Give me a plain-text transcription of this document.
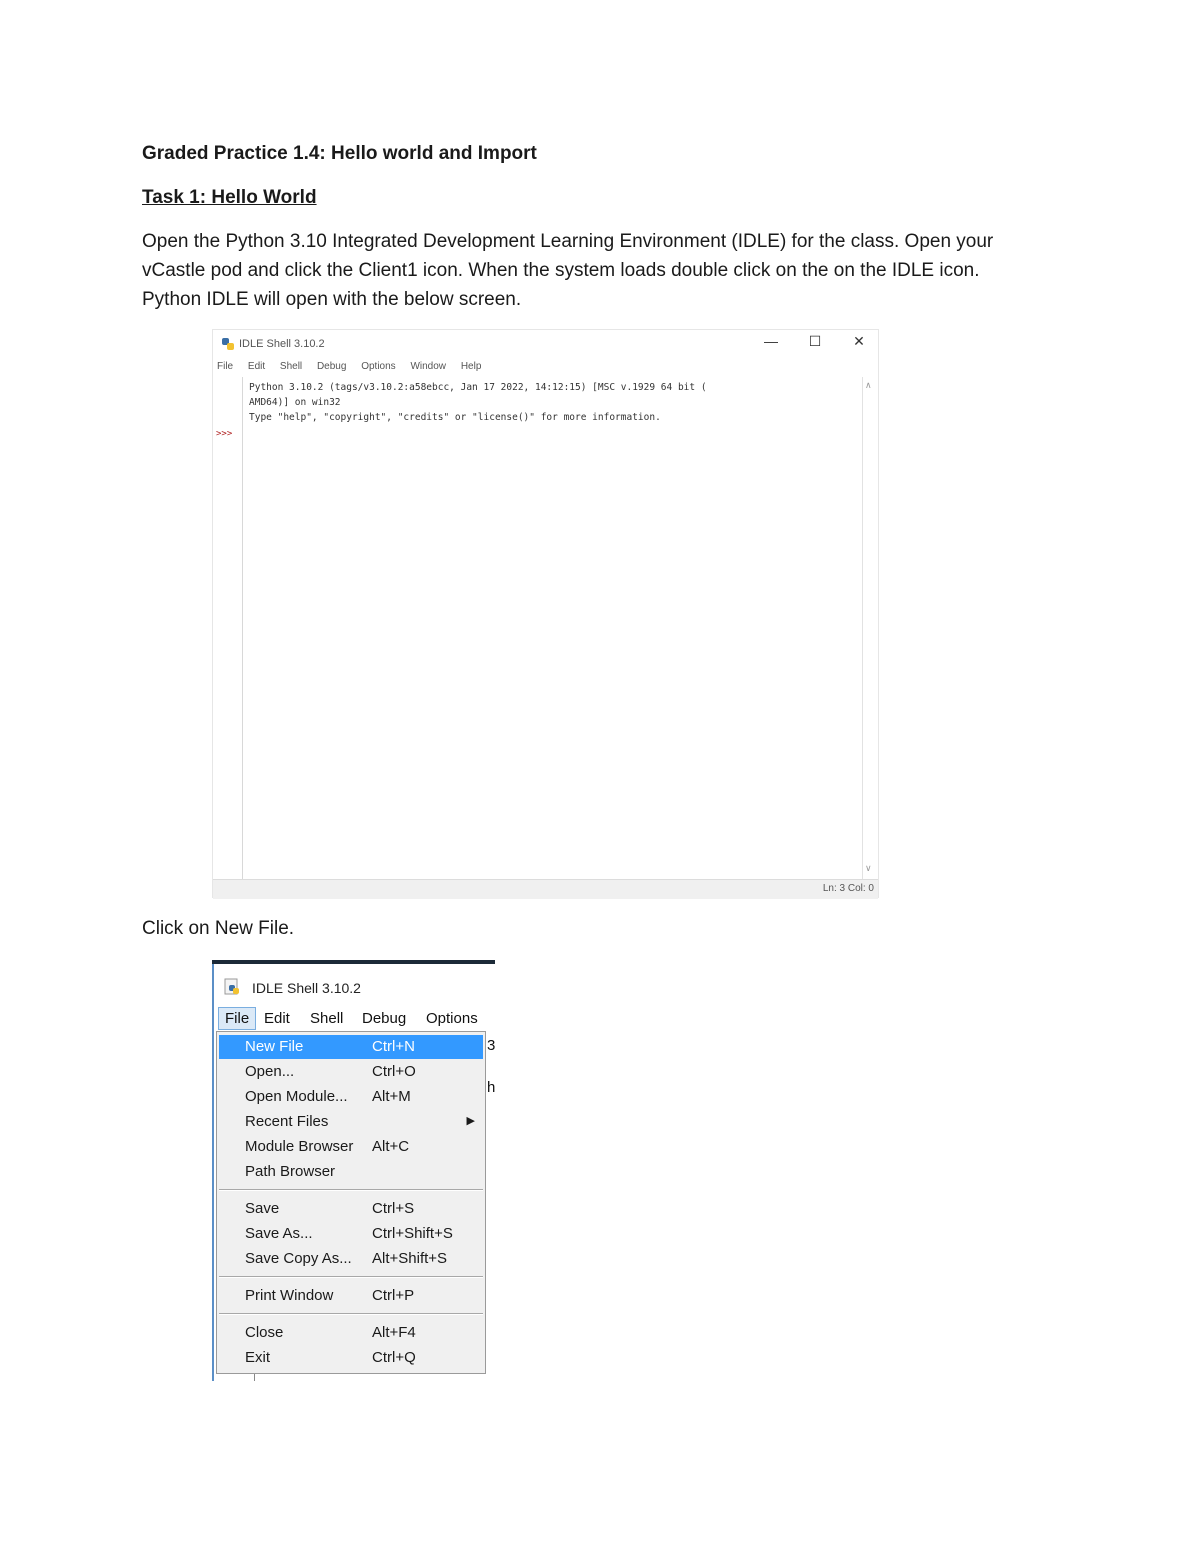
Graded Practice 1.4: Hello world and Import
Task 1: Hello World
Open the Python 3.10 Integrated Development Learning Environment (IDLE) for the class. Open your
vCastle pod and click the Client1 icon. When the system loads double click on the on the IDLE icon.
Python IDLE will open with the below screen.
IDLE Shell 3.10.2	— ☐ ✕
File Edit Shell Debug Options Window Help
>>>
Python 3.10.2 (tags/v3.10.2:a58ebcc, Jan 17 2022, 14:12:15) [MSC v.1929 64 bit (
AMD64)] on win32
Type "help", "copyright", "credits" or "license()" for more information.
∧
∨
Ln: 3 Col: 0
Click on New File.
IDLE Shell 3.10.2
File Edit Shell Debug Options
3
h
New File	Ctrl+N
Open...	Ctrl+O
Open Module... Alt+M
Recent Files	▶
Module Browser Alt+C
Path Browser
Save	Ctrl+S
Save As...	Ctrl+Shift+S
Save Copy As... Alt+Shift+S
Print Window	Ctrl+P
Close	Alt+F4
Exit	Ctrl+Q
